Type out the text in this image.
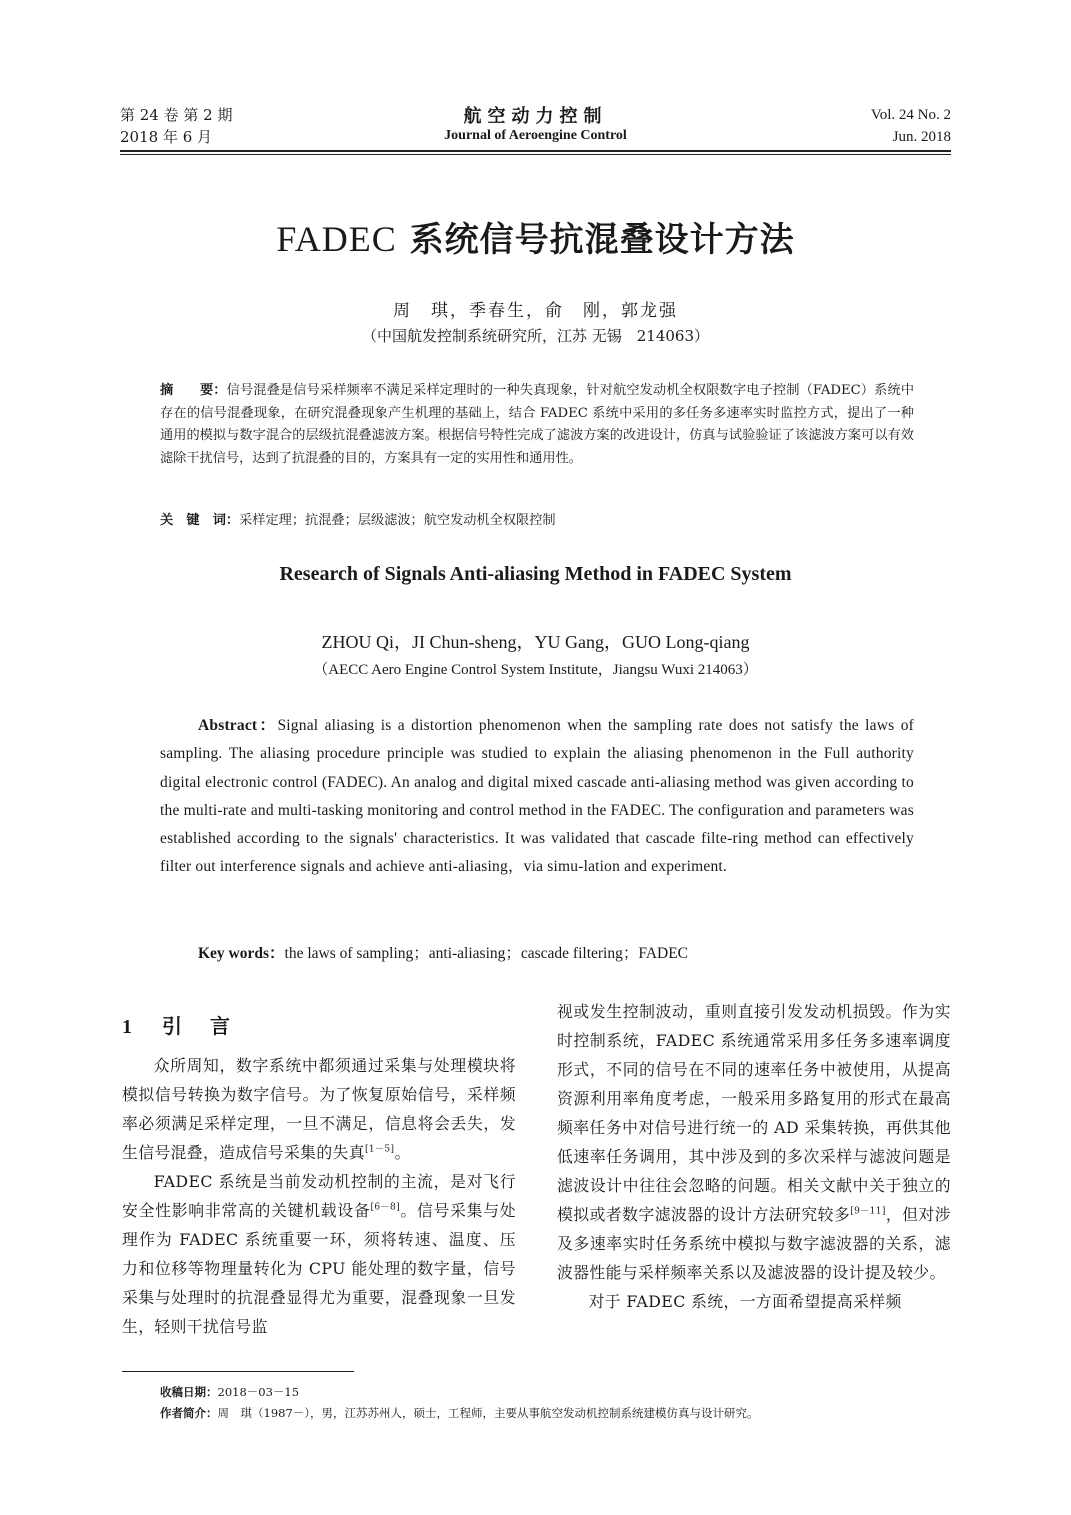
第 24 卷 第 2 期
2018 年 6 月
航空动力控制
Journal of Aeroengine Control
Vol. 24 No. 2
Jun. 2018
FADEC 系统信号抗混叠设计方法
周　琪，季春生，俞　刚，郭龙强
（中国航发控制系统研究所，江苏 无锡　214063）
摘　　要：信号混叠是信号采样频率不满足采样定理时的一种失真现象，针对航空发动机全权限数字电子控制（FADEC）系统中存在的信号混叠现象，在研究混叠现象产生机理的基础上，结合 FADEC 系统中采用的多任务多速率实时监控方式，提出了一种通用的模拟与数字混合的层级抗混叠滤波方案。根据信号特性完成了滤波方案的改进设计，仿真与试验验证了该滤波方案可以有效滤除干扰信号，达到了抗混叠的目的，方案具有一定的实用性和通用性。
关　键　词：采样定理；抗混叠；层级滤波；航空发动机全权限控制
Research of Signals Anti-aliasing Method in FADEC System
ZHOU Qi，JI Chun-sheng，YU Gang，GUO Long-qiang
（AECC Aero Engine Control System Institute，Jiangsu Wuxi 214063）
Abstract：Signal aliasing is a distortion phenomenon when the sampling rate does not satisfy the laws of sampling. The aliasing procedure principle was studied to explain the aliasing phenomenon in the Full authority digital electronic control (FADEC). An analog and digital mixed cascade anti-aliasing method was given according to the multi-rate and multi-tasking monitoring and control method in the FADEC. The configuration and parameters was established according to the signals' characteristics. It was validated that cascade filte-ring method can effectively filter out interference signals and achieve anti-aliasing，via simu-lation and experiment.
Key words：the laws of sampling；anti-aliasing；cascade filtering；FADEC
1 引　言

众所周知，数字系统中都须通过采集与处理模块将模拟信号转换为数字信号。为了恢复原始信号，采样频率必须满足采样定理，一旦不满足，信息将会丢失，发生信号混叠，造成信号采集的失真[1－5]。

FADEC 系统是当前发动机控制的主流，是对飞行安全性影响非常高的关键机载设备[6－8]。信号采集与处理作为 FADEC 系统重要一环，须将转速、温度、压力和位移等物理量转化为 CPU 能处理的数字量，信号采集与处理时的抗混叠显得尤为重要，混叠现象一旦发生，轻则干扰信号监

视或发生控制波动，重则直接引发发动机损毁。作为实时控制系统，FADEC 系统通常采用多任务多速率调度形式，不同的信号在不同的速率任务中被使用，从提高资源利用率角度考虑，一般采用多路复用的形式在最高频率任务中对信号进行统一的 AD 采集转换，再供其他低速率任务调用，其中涉及到的多次采样与滤波问题是滤波设计中往往会忽略的问题。相关文献中关于独立的模拟或者数字滤波器的设计方法研究较多[9－11]，但对涉及多速率实时任务系统中模拟与数字滤波器的关系，滤波器性能与采样频率关系以及滤波器的设计提及较少。

对于 FADEC 系统，一方面希望提高采样频

收稿日期：2018－03－15
作者简介：周　琪（1987－），男，江苏苏州人，硕士，工程师，主要从事航空发动机控制系统建模仿真与设计研究。
